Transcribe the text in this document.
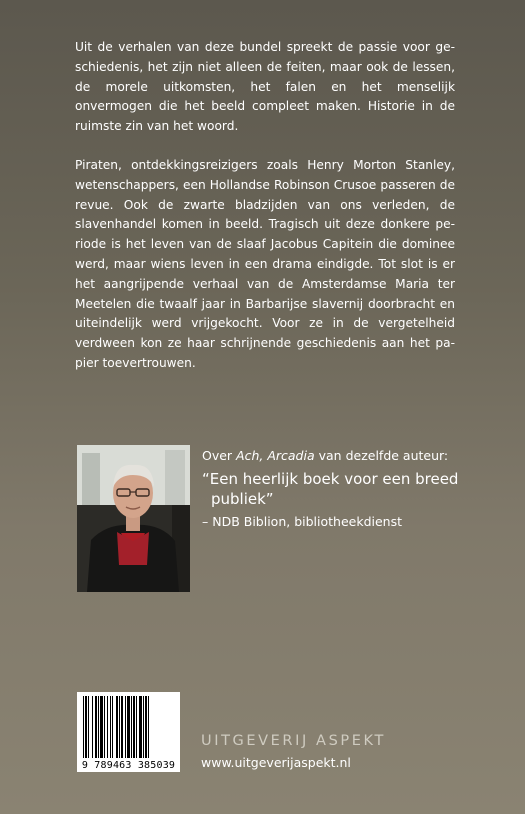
Uit de verhalen van deze bundel spreekt de passie voor geschiedenis, het zijn niet alleen de feiten, maar ook de lessen, de morele uitkomsten, het falen en het menselijk onvermogen die het beeld compleet maken. Historie in de ruimste zin van het woord.

Piraten, ontdekkingsreizigers zoals Henry Morton Stanley, wetenschappers, een Hollandse Robinson Crusoe passeren de revue. Ook de zwarte bladzijden van ons verleden, de slavenhandel komen in beeld. Tragisch uit deze donkere periode is het leven van de slaaf Jacobus Capitein die dominee werd, maar wiens leven in een drama eindigde. Tot slot is er het aangrijpende verhaal van de Amsterdamse Maria ter Meetelen die twaalf jaar in Barbarijse slavernij doorbracht en uiteindelijk werd vrijgekocht. Voor ze in de vergetelheid verdween kon ze haar schrijnende geschiedenis aan het papier toevertrouwen.

Over Ach, Arcadia van dezelfde auteur:
“Een heerlijk boek voor een breed
publiek”
– NDB Biblion, bibliotheekdienst
9 789463 385039
UITGEVERIJ ASPEKT
www.uitgeverijaspekt.nl
